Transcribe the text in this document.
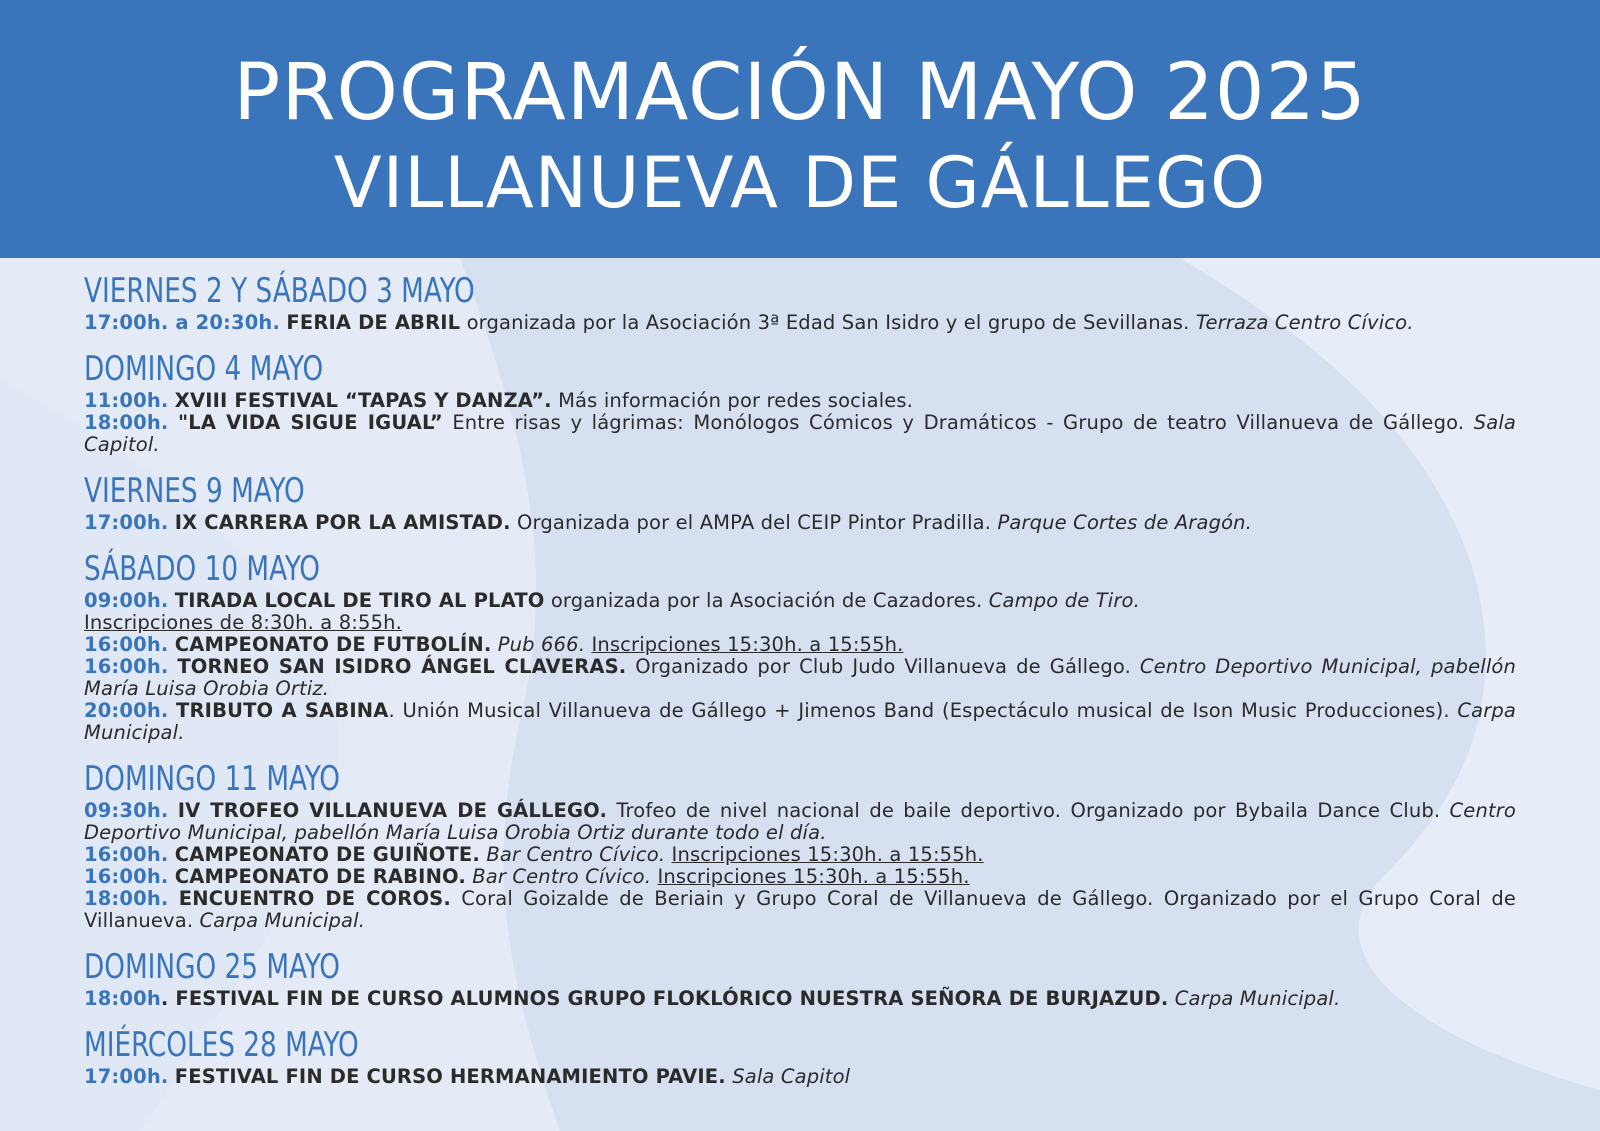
PROGRAMACIÓN MAYO 2025
VILLANUEVA DE GÁLLEGO
VIERNES 2 Y SÁBADO 3 MAYO
17:00h. a 20:30h. FERIA DE ABRIL organizada por la Asociación 3ª Edad San Isidro y el grupo de Sevillanas. Terraza Centro Cívico.
DOMINGO 4 MAYO
11:00h. XVIII FESTIVAL “TAPAS Y DANZA”. Más información por redes sociales.
18:00h. "LA VIDA SIGUE IGUAL” Entre risas y lágrimas: Monólogos Cómicos y Dramáticos - Grupo de teatro Villanueva de Gállego. Sala Capitol.
VIERNES 9 MAYO
17:00h. IX CARRERA POR LA AMISTAD. Organizada por el AMPA del CEIP Pintor Pradilla. Parque Cortes de Aragón.
SÁBADO 10 MAYO
09:00h. TIRADA LOCAL DE TIRO AL PLATO organizada por la Asociación de Cazadores. Campo de Tiro.
Inscripciones de 8:30h. a 8:55h.
16:00h. CAMPEONATO DE FUTBOLÍN. Pub 666. Inscripciones 15:30h. a 15:55h.
16:00h. TORNEO SAN ISIDRO ÁNGEL CLAVERAS. Organizado por Club Judo Villanueva de Gállego. Centro Deportivo Municipal, pabellón María Luisa Orobia Ortiz.
20:00h. TRIBUTO A SABINA. Unión Musical Villanueva de Gállego + Jimenos Band (Espectáculo musical de Ison Music Producciones). Carpa Municipal.
DOMINGO 11 MAYO
09:30h. IV TROFEO VILLANUEVA DE GÁLLEGO. Trofeo de nivel nacional de baile deportivo. Organizado por Bybaila Dance Club. Centro Deportivo Municipal, pabellón María Luisa Orobia Ortiz durante todo el día.
16:00h. CAMPEONATO DE GUIÑOTE. Bar Centro Cívico. Inscripciones 15:30h. a 15:55h.
16:00h. CAMPEONATO DE RABINO. Bar Centro Cívico. Inscripciones 15:30h. a 15:55h.
18:00h. ENCUENTRO DE COROS. Coral Goizalde de Beriain y Grupo Coral de Villanueva de Gállego. Organizado por el Grupo Coral de Villanueva. Carpa Municipal.
DOMINGO 25 MAYO
18:00h. FESTIVAL FIN DE CURSO ALUMNOS GRUPO FLOKLÓRICO NUESTRA SEÑORA DE BURJAZUD. Carpa Municipal.
MIÉRCOLES 28 MAYO
17:00h. FESTIVAL FIN DE CURSO HERMANAMIENTO PAVIE. Sala Capitol
